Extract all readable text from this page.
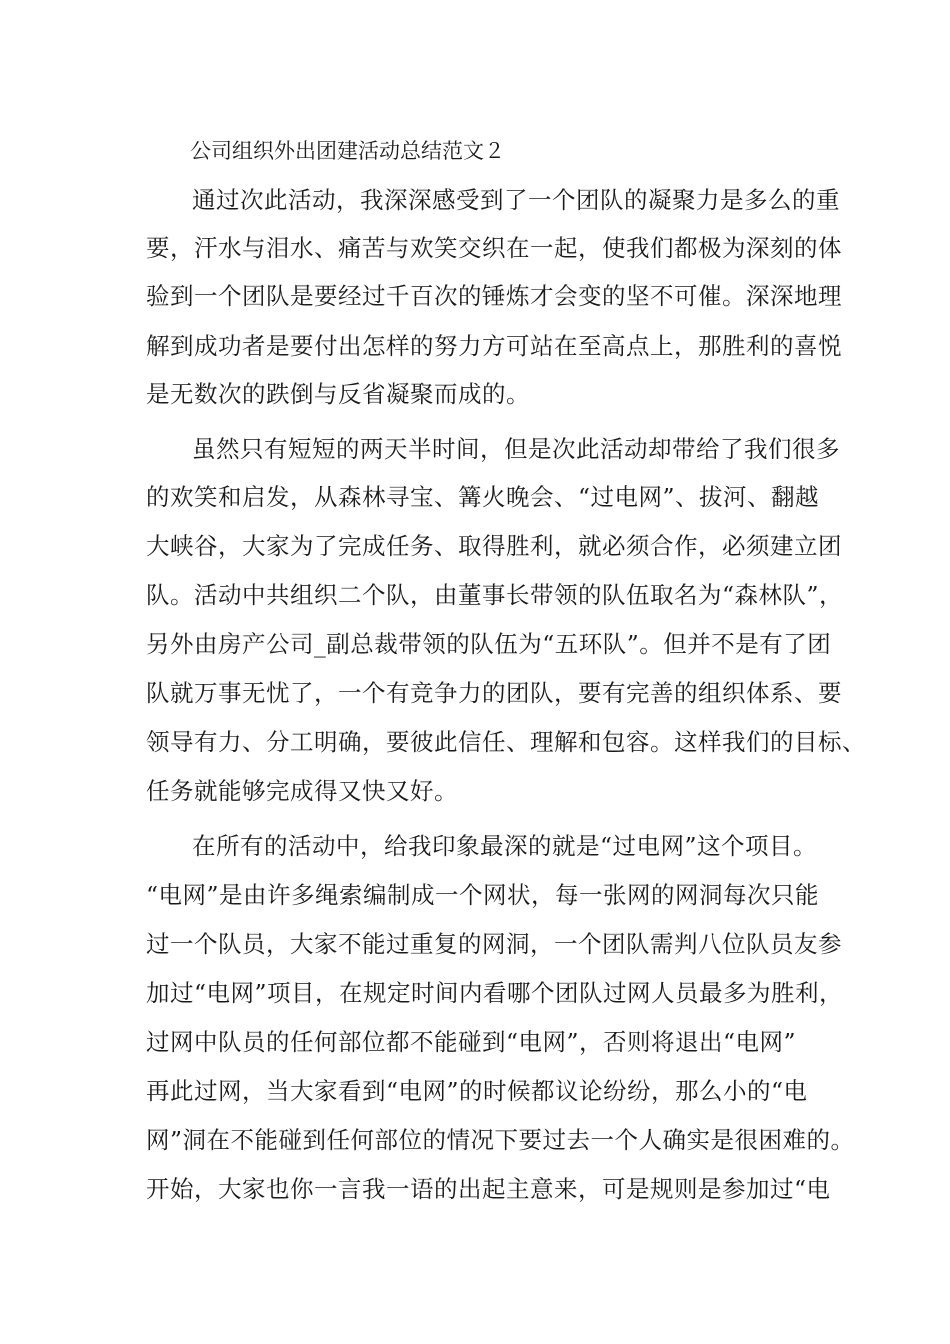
公司组织外出团建活动总结范文２
通过次此活动，我深深感受到了一个团队的凝聚力是多么的重
要，汗水与泪水、痛苦与欢笑交织在一起，使我们都极为深刻的体
验到一个团队是要经过千百次的锤炼才会变的坚不可催。深深地理
解到成功者是要付出怎样的努力方可站在至高点上，那胜利的喜悦
是无数次的跌倒与反省凝聚而成的。
虽然只有短短的两天半时间，但是次此活动却带给了我们很多
的欢笑和启发，从森林寻宝、篝火晚会、“过电网”、拔河、翻越
大峡谷，大家为了完成任务、取得胜利，就必须合作，必须建立团
队。活动中共组织二个队，由董事长带领的队伍取名为“森林队”，
另外由房产公司_副总裁带领的队伍为“五环队”。但并不是有了团
队就万事无忧了，一个有竞争力的团队，要有完善的组织体系、要
领导有力、分工明确，要彼此信任、理解和包容。这样我们的目标、
任务就能够完成得又快又好。
在所有的活动中，给我印象最深的就是“过电网”这个项目。
“电网”是由许多绳索编制成一个网状，每一张网的网洞每次只能
过一个队员，大家不能过重复的网洞，一个团队需判八位队员友参
加过“电网”项目，在规定时间内看哪个团队过网人员最多为胜利，
过网中队员的任何部位都不能碰到“电网”，否则将退出“电网”
再此过网，当大家看到“电网”的时候都议论纷纷，那么小的“电
网”洞在不能碰到任何部位的情况下要过去一个人确实是很困难的。
开始，大家也你一言我一语的出起主意来，可是规则是参加过“电
